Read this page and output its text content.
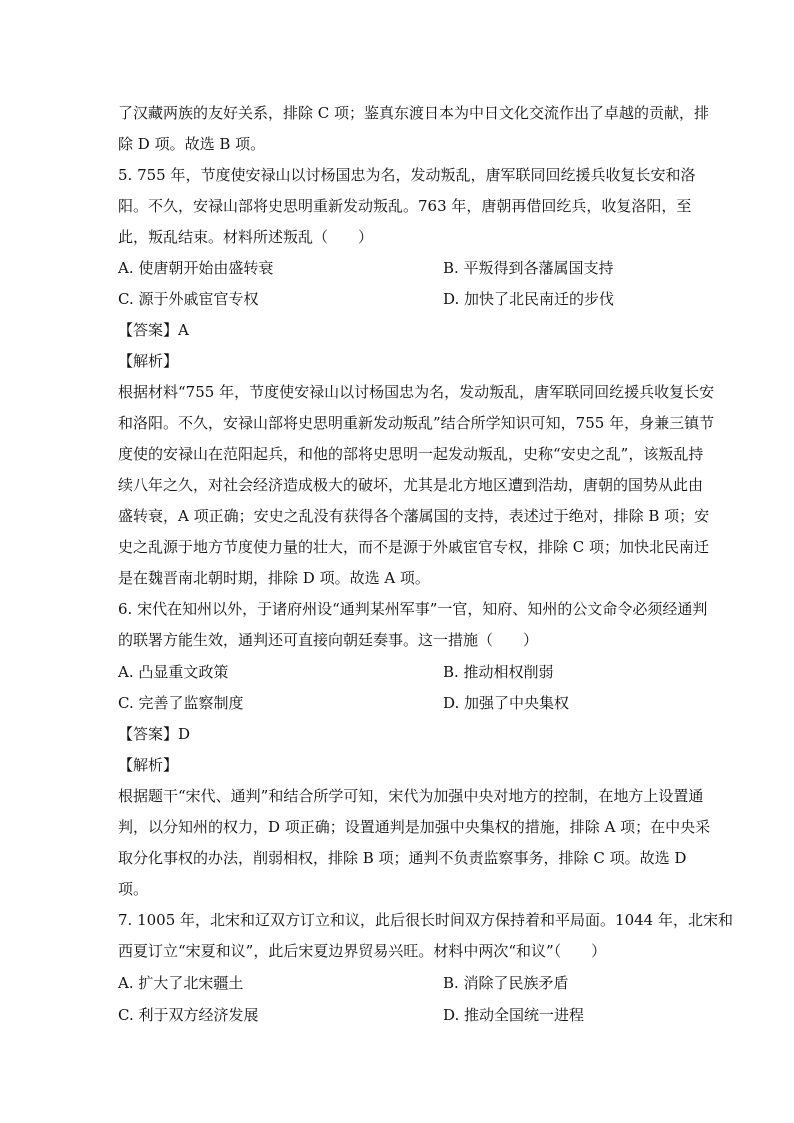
了汉藏两族的友好关系，排除 C 项；鉴真东渡日本为中日文化交流作出了卓越的贡献，排
除 D 项。故选 B 项。
5. 755 年，节度使安禄山以讨杨国忠为名，发动叛乱，唐军联同回纥援兵收复长安和洛
阳。不久，安禄山部将史思明重新发动叛乱。763 年，唐朝再借回纥兵，收复洛阳，至
此，叛乱结束。材料所述叛乱（　　）
A. 使唐朝开始由盛转衰	B. 平叛得到各藩属国支持
C. 源于外戚宦官专权	D. 加快了北民南迁的步伐
【答案】A
【解析】
根据材料“755 年，节度使安禄山以讨杨国忠为名，发动叛乱，唐军联同回纥援兵收复长安
和洛阳。不久，安禄山部将史思明重新发动叛乱”结合所学知识可知，755 年，身兼三镇节
度使的安禄山在范阳起兵，和他的部将史思明一起发动叛乱，史称“安史之乱”，该叛乱持
续八年之久，对社会经济造成极大的破坏，尤其是北方地区遭到浩劫，唐朝的国势从此由
盛转衰，A 项正确；安史之乱没有获得各个藩属国的支持，表述过于绝对，排除 B 项；安
史之乱源于地方节度使力量的壮大，而不是源于外戚宦官专权，排除 C 项；加快北民南迁
是在魏晋南北朝时期，排除 D 项。故选 A 项。
6. 宋代在知州以外，于诸府州设“通判某州军事”一官，知府、知州的公文命令必须经通判
的联署方能生效，通判还可直接向朝廷奏事。这一措施（　　）
A. 凸显重文政策	B. 推动相权削弱
C. 完善了监察制度	D. 加强了中央集权
【答案】D
【解析】
根据题干“宋代、通判”和结合所学可知，宋代为加强中央对地方的控制，在地方上设置通
判，以分知州的权力，D 项正确；设置通判是加强中央集权的措施，排除 A 项；在中央采
取分化事权的办法，削弱相权，排除 B 项；通判不负责监察事务，排除 C 项。故选 D
项。
7. 1005 年，北宋和辽双方订立和议，此后很长时间双方保持着和平局面。1044 年，北宋和
西夏订立“宋夏和议”，此后宋夏边界贸易兴旺。材料中两次“和议”（　　）
A. 扩大了北宋疆土	B. 消除了民族矛盾
C. 利于双方经济发展	D. 推动全国统一进程
